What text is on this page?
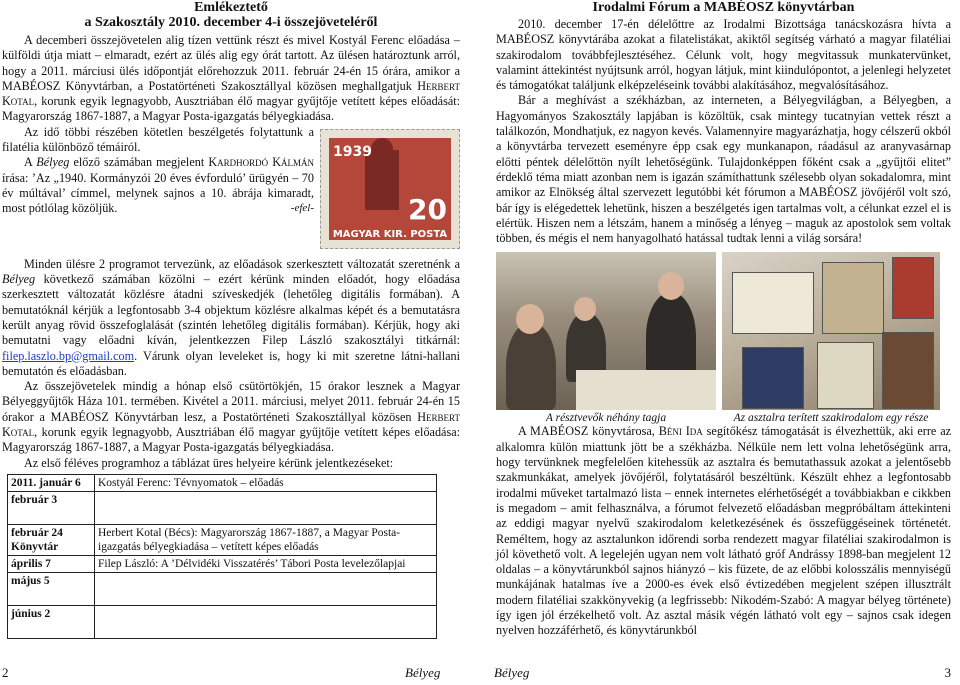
Emlékeztető
a Szakosztály 2010. december 4-i összejöveteléről

A decemberi összejövetelen alig tízen vettünk részt és mivel Kostyál Ferenc előadása – külföldi útja miatt – elmaradt, ezért az ülés alig egy órát tartott. Az ülésen határoztunk arról, hogy a 2011. márciusi ülés időpontját előrehozzuk 2011. február 24-én 15 órára, amikor a MABÉOSZ Könyvtárban, a Postatörténeti Szakosztállyal közösen meghallgatjuk Herbert Kotal, korunk egyik legnagyobb, Ausztriában élő magyar gyűjtője vetített képes előadását: Magyarország 1867-1887, a Magyar Posta-igazgatás bélyegkiadása.

1939
20
MAGYAR KIR. POSTA

Az idő többi részében kötetlen beszélgetés folytattunk a filatélia különböző témáiról.

A Bélyeg előző számában megjelent Kardhordó Kálmán írása: ’Az „1940. Kormányzói 20 éves évforduló’ ürügyén – 70 év múltával’ címmel, melynek sajnos a 10. ábrája kimaradt, most pótlólag közöljük.	-efel-

Minden ülésre 2 programot tervezünk, az előadások szerkesztett változatát szeretnénk a Bélyeg következő számában közölni – ezért kérünk minden előadót, hogy előadása szerkesztett változatát közlésre átadni szíveskedjék (lehetőleg digitális formában). A bemutatóknál kérjük a legfontosabb 3-4 objektum közlésre alkalmas képét és a bemutatásra került anyag rövid összefoglalását (szintén lehetőleg digitális formában). Kérjük, hogy aki bemutatni vagy előadni kíván, jelentkezzen Filep László szakosztályi titkárnál: filep.laszlo.bp@gmail.com. Várunk olyan leveleket is, hogy ki mit szeretne látni-hallani bemutatón és előadásban.

Az összejövetelek mindig a hónap első csütörtökjén, 15 órakor lesznek a Magyar Bélyeggyűjtők Háza 101. termében. Kivétel a 2011. márciusi, melyet 2011. február 24-én 15 órakor a MABÉOSZ Könyvtárban lesz, a Postatörténeti Szakosztállyal közösen Herbert Kotal, korunk egyik legnagyobb, Ausztriában élő magyar gyűjtője vetített képes előadása: Magyarország 1867-1887, a Magyar Posta-igazgatás bélyegkiadása.

Az első féléves programhoz a táblázat üres helyeire kérünk jelentkezéseket:

2011. január 6	Kostyál Ferenc: Tévnyomatok – előadás
február 3	
február 24 Könyvtár	Herbert Kotal (Bécs): Magyarország 1867-1887, a Magyar Posta-igazgatás bélyegkiadása – vetített képes előadás
április 7	Filep László: A ’Délvidéki Visszatérés’ Tábori Posta levelezőlapjai
május 5	
június 2	
2	Bélyeg
Irodalmi Fórum a MABÉOSZ könyvtárban

2010. december 17-én délelőttre az Irodalmi Bizottsága tanácskozásra hívta a MABÉOSZ könyvtárába azokat a filatelistákat, akiktől segítség várható a magyar filatéliai szakirodalom továbbfejlesztéséhez. Célunk volt, hogy megvitassuk munkatervünket, valamint áttekintést nyújtsunk arról, hogyan látjuk, mint kiindulópontot, a jelenlegi helyzetet és támogatókat találjunk elképzeléseink további alakításához, megvalósításához.

Bár a meghívást a székházban, az interneten, a Bélyegvilágban, a Bélyegben, a Hagyományos Szakosztály lapjában is közöltük, csak mintegy tucatnyian vettek részt a találkozón, Mondhatjuk, ez nagyon kevés. Valamennyire magyarázhatja, hogy célszerű okból a könyvtárba tervezett eseményre épp csak egy munkanapon, ráadásul az aranyvasárnap előtti péntek délelőttön nyílt lehetőségünk. Tulajdonképpen főként csak a „gyűjtői elitet” érdeklő téma miatt azonban nem is igazán számíthattunk szélesebb olyan sokadalomra, mint amikor az Elnökség által szervezett legutóbbi két fórumon a MABÉOSZ jövőjéről volt szó, bár így is elégedettek lehetünk, hiszen a beszélgetés igen tartalmas volt, a célunkat ezzel el is elértük. Hiszen nem a létszám, hanem a minőség a lényeg – maguk az apostolok sem voltak többen, és mégis el nem hanyagolható hatással tudtak lenni a világ sorsára!

A résztvevők néhány tagja	Az asztalra terített szakirodalom egy része

A MABÉOSZ könyvtárosa, Béni Ida segítőkész támogatását is élvezhettük, aki erre az alkalomra külön miattunk jött be a székházba. Nélküle nem lett volna lehetőségünk arra, hogy tervünknek megfelelően kitehessük az asztalra és bemutathassuk azokat a jelentősebb szakmunkákat, amelyek jövőjéről, folytatásáról beszéltünk. Készült ehhez a legfontosabb irodalmi műveket tartalmazó lista – ennek internetes elérhetőségét a továbbiakban e cikkben is megadom – amit felhasználva, a fórumot felvezető előadásban megpróbáltam áttekinteni az eddigi magyar nyelvű szakirodalom keletkezésének és összefüggéseinek történetét. Reméltem, hogy az asztalunkon időrendi sorba rendezett magyar filatéliai szakirodalmon is jól követhető volt. A legelején ugyan nem volt látható gróf Andrássy 1898-ban megjelent 12 oldalas – a könyvtárunkból sajnos hiányzó – kis füzete, de az előbbi kolosszális mennyiségű munkájának hatalmas íve a 2000-es évek első évtizedében megjelent szépen illusztrált modern filatéliai szakkönyvekig (a legfrissebb: Nikodém-Szabó: A magyar bélyeg története) így igen jól érzékelhető volt. Az asztal másik végén látható volt egy – sajnos csak idegen nyelven hozzáférhető, és könyvtárunkból

Bélyeg	3
